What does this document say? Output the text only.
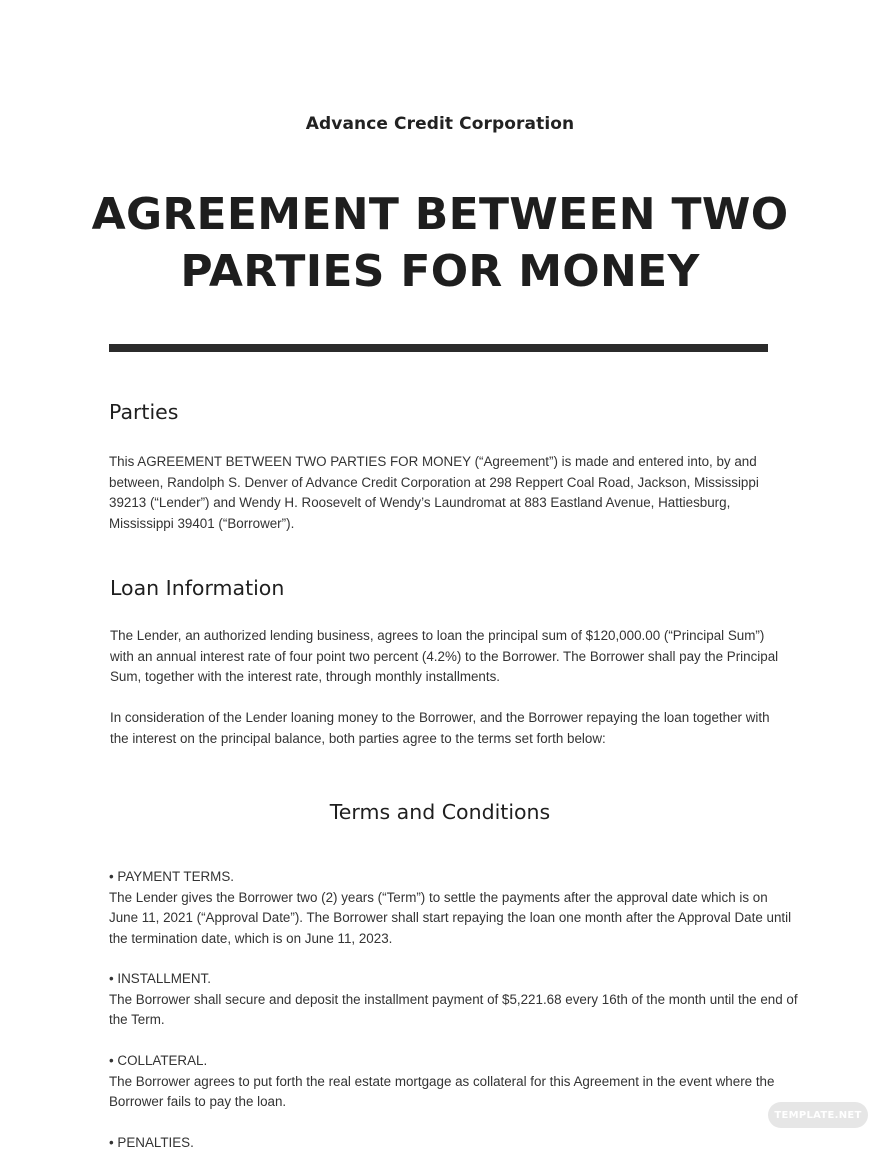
Advance Credit Corporation
AGREEMENT BETWEEN TWO
PARTIES FOR MONEY
Parties

This AGREEMENT BETWEEN TWO PARTIES FOR MONEY (“Agreement”) is made and entered into, by and between, Randolph S. Denver of Advance Credit Corporation at 298 Reppert Coal Road, Jackson, Mississippi 39213 (“Lender”) and Wendy H. Roosevelt of Wendy’s Laundromat at 883 Eastland Avenue, Hattiesburg, Mississippi 39401 (“Borrower”).

Loan Information

The Lender, an authorized lending business, agrees to loan the principal sum of $120,000.00 (“Principal Sum”) with an annual interest rate of four point two percent (4.2%) to the Borrower. The Borrower shall pay the Principal Sum, together with the interest rate, through monthly installments.

In consideration of the Lender loaning money to the Borrower, and the Borrower repaying the loan together with the interest on the principal balance, both parties agree to the terms set forth below:

Terms and Conditions
• PAYMENT TERMS.

The Lender gives the Borrower two (2) years (“Term”) to settle the payments after the approval date which is on June 11, 2021 (“Approval Date”). The Borrower shall start repaying the loan one month after the Approval Date until the termination date, which is on June 11, 2023.

• INSTALLMENT.

The Borrower shall secure and deposit the installment payment of $5,221.68 every 16th of the month until the end of the Term.

• COLLATERAL.

The Borrower agrees to put forth the real estate mortgage as collateral for this Agreement in the event where the Borrower fails to pay the loan.

• PENALTIES.
TEMPLATE.NET
